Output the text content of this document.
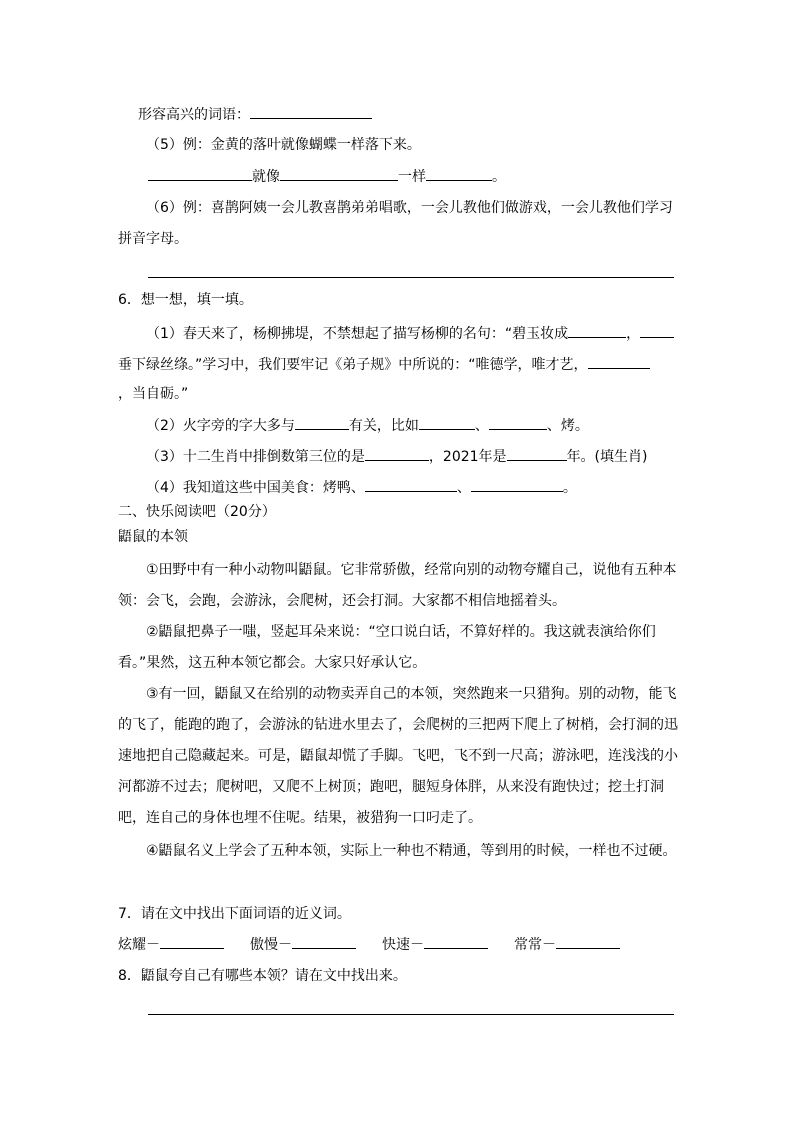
形容高兴的词语：
（5）例：金黄的落叶就像蝴蝶一样落下来。
就像	一样	。
（6）例：喜鹊阿姨一会儿教喜鹊弟弟唱歌，一会儿教他们做游戏，一会儿教他们学习
拼音字母。
6．想一想，填一填。
（1）春天来了，杨柳拂堤，不禁想起了描写杨柳的名句：“碧玉妆成	，
垂下绿丝绦。”学习中，我们要牢记《弟子规》中所说的：“唯德学，唯才艺，
，当自砺。”
（2）火字旁的字大多与	有关，比如	、	、烤。
（3）十二生肖中排倒数第三位的是	，2021年是	年。(填生肖)
（4）我知道这些中国美食：烤鸭、	、	。
二、快乐阅读吧（20分）
鼯鼠的本领
①田野中有一种小动物叫鼯鼠。它非常骄傲，经常向别的动物夸耀自己，说他有五种本领：会飞，会跑，会游泳，会爬树，还会打洞。大家都不相信地摇着头。
②鼯鼠把鼻子一嗤，竖起耳朵来说：“空口说白话，不算好样的。我这就表演给你们看。”果然，这五种本领它都会。大家只好承认它。
③有一回，鼯鼠又在给别的动物卖弄自己的本领，突然跑来一只猎狗。别的动物，能飞的飞了，能跑的跑了，会游泳的钻进水里去了，会爬树的三把两下爬上了树梢，会打洞的迅速地把自己隐藏起来。可是，鼯鼠却慌了手脚。飞吧，飞不到一尺高；游泳吧，连浅浅的小河都游不过去；爬树吧，又爬不上树顶；跑吧，腿短身体胖，从来没有跑快过；挖土打洞吧，连自己的身体也埋不住呢。结果，被猎狗一口叼走了。
④鼯鼠名义上学会了五种本领，实际上一种也不精通，等到用的时候，一样也不过硬。
7．请在文中找出下面词语的近义词。
炫耀－	傲慢－	快速－	常常－
8．鼯鼠夸自己有哪些本领？请在文中找出来。
